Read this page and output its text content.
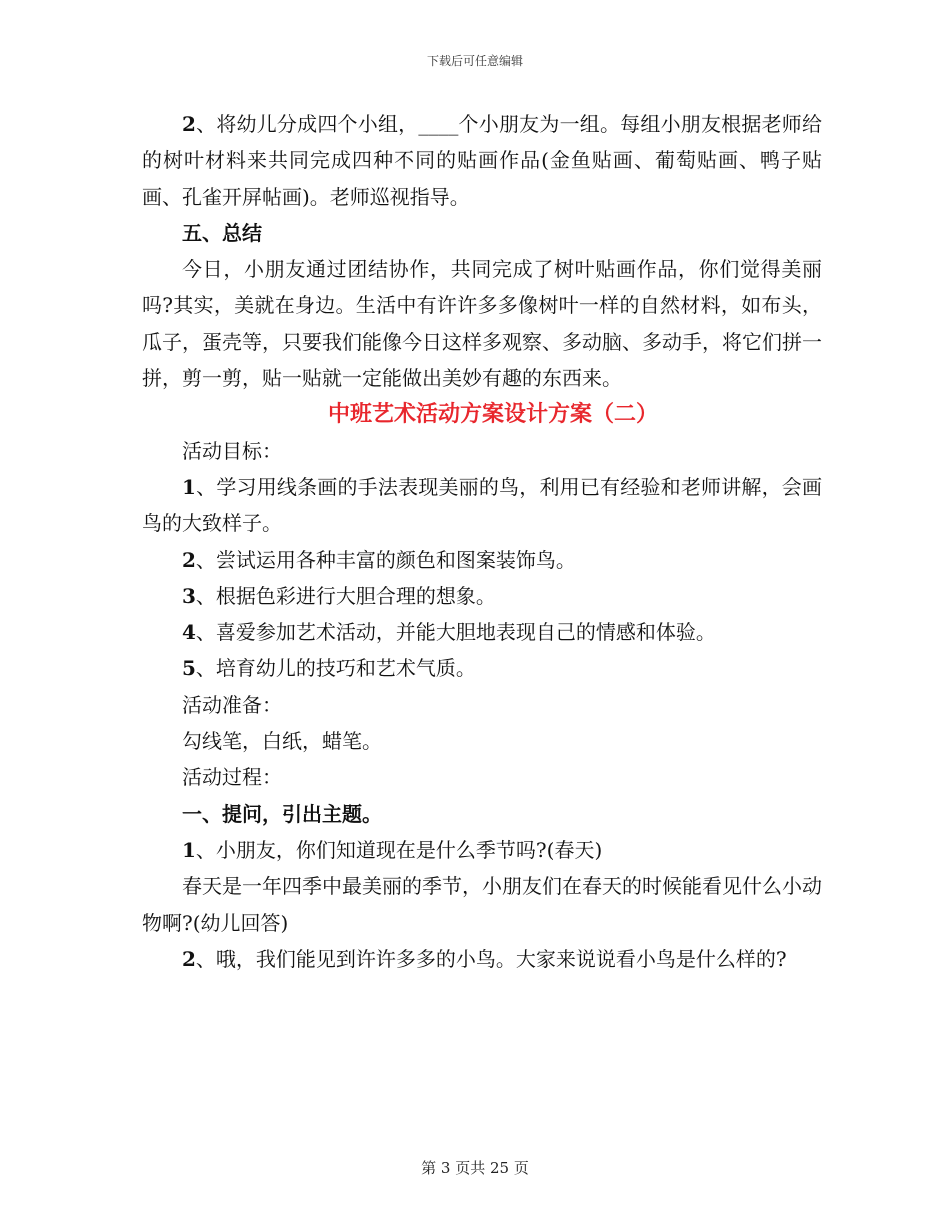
下载后可任意编辑

2、将幼儿分成四个小组，____个小朋友为一组。每组小朋友根据老师给的树叶材料来共同完成四种不同的贴画作品(金鱼贴画、葡萄贴画、鸭子贴画、孔雀开屏帖画)。老师巡视指导。

五、总结

今日，小朋友通过团结协作，共同完成了树叶贴画作品，你们觉得美丽吗?其实，美就在身边。生活中有许许多多像树叶一样的自然材料，如布头，瓜子，蛋壳等，只要我们能像今日这样多观察、多动脑、多动手，将它们拼一拼，剪一剪，贴一贴就一定能做出美妙有趣的东西来。

中班艺术活动方案设计方案（二）

活动目标：

1、学习用线条画的手法表现美丽的鸟，利用已有经验和老师讲解，会画鸟的大致样子。

2、尝试运用各种丰富的颜色和图案装饰鸟。

3、根据色彩进行大胆合理的想象。

4、喜爱参加艺术活动，并能大胆地表现自己的情感和体验。

5、培育幼儿的技巧和艺术气质。

活动准备：

勾线笔，白纸，蜡笔。

活动过程：

一、提问，引出主题。

1、小朋友，你们知道现在是什么季节吗?(春天)

春天是一年四季中最美丽的季节，小朋友们在春天的时候能看见什么小动物啊?(幼儿回答)

2、哦，我们能见到许许多多的小鸟。大家来说说看小鸟是什么样的?

第 3 页共 25 页
